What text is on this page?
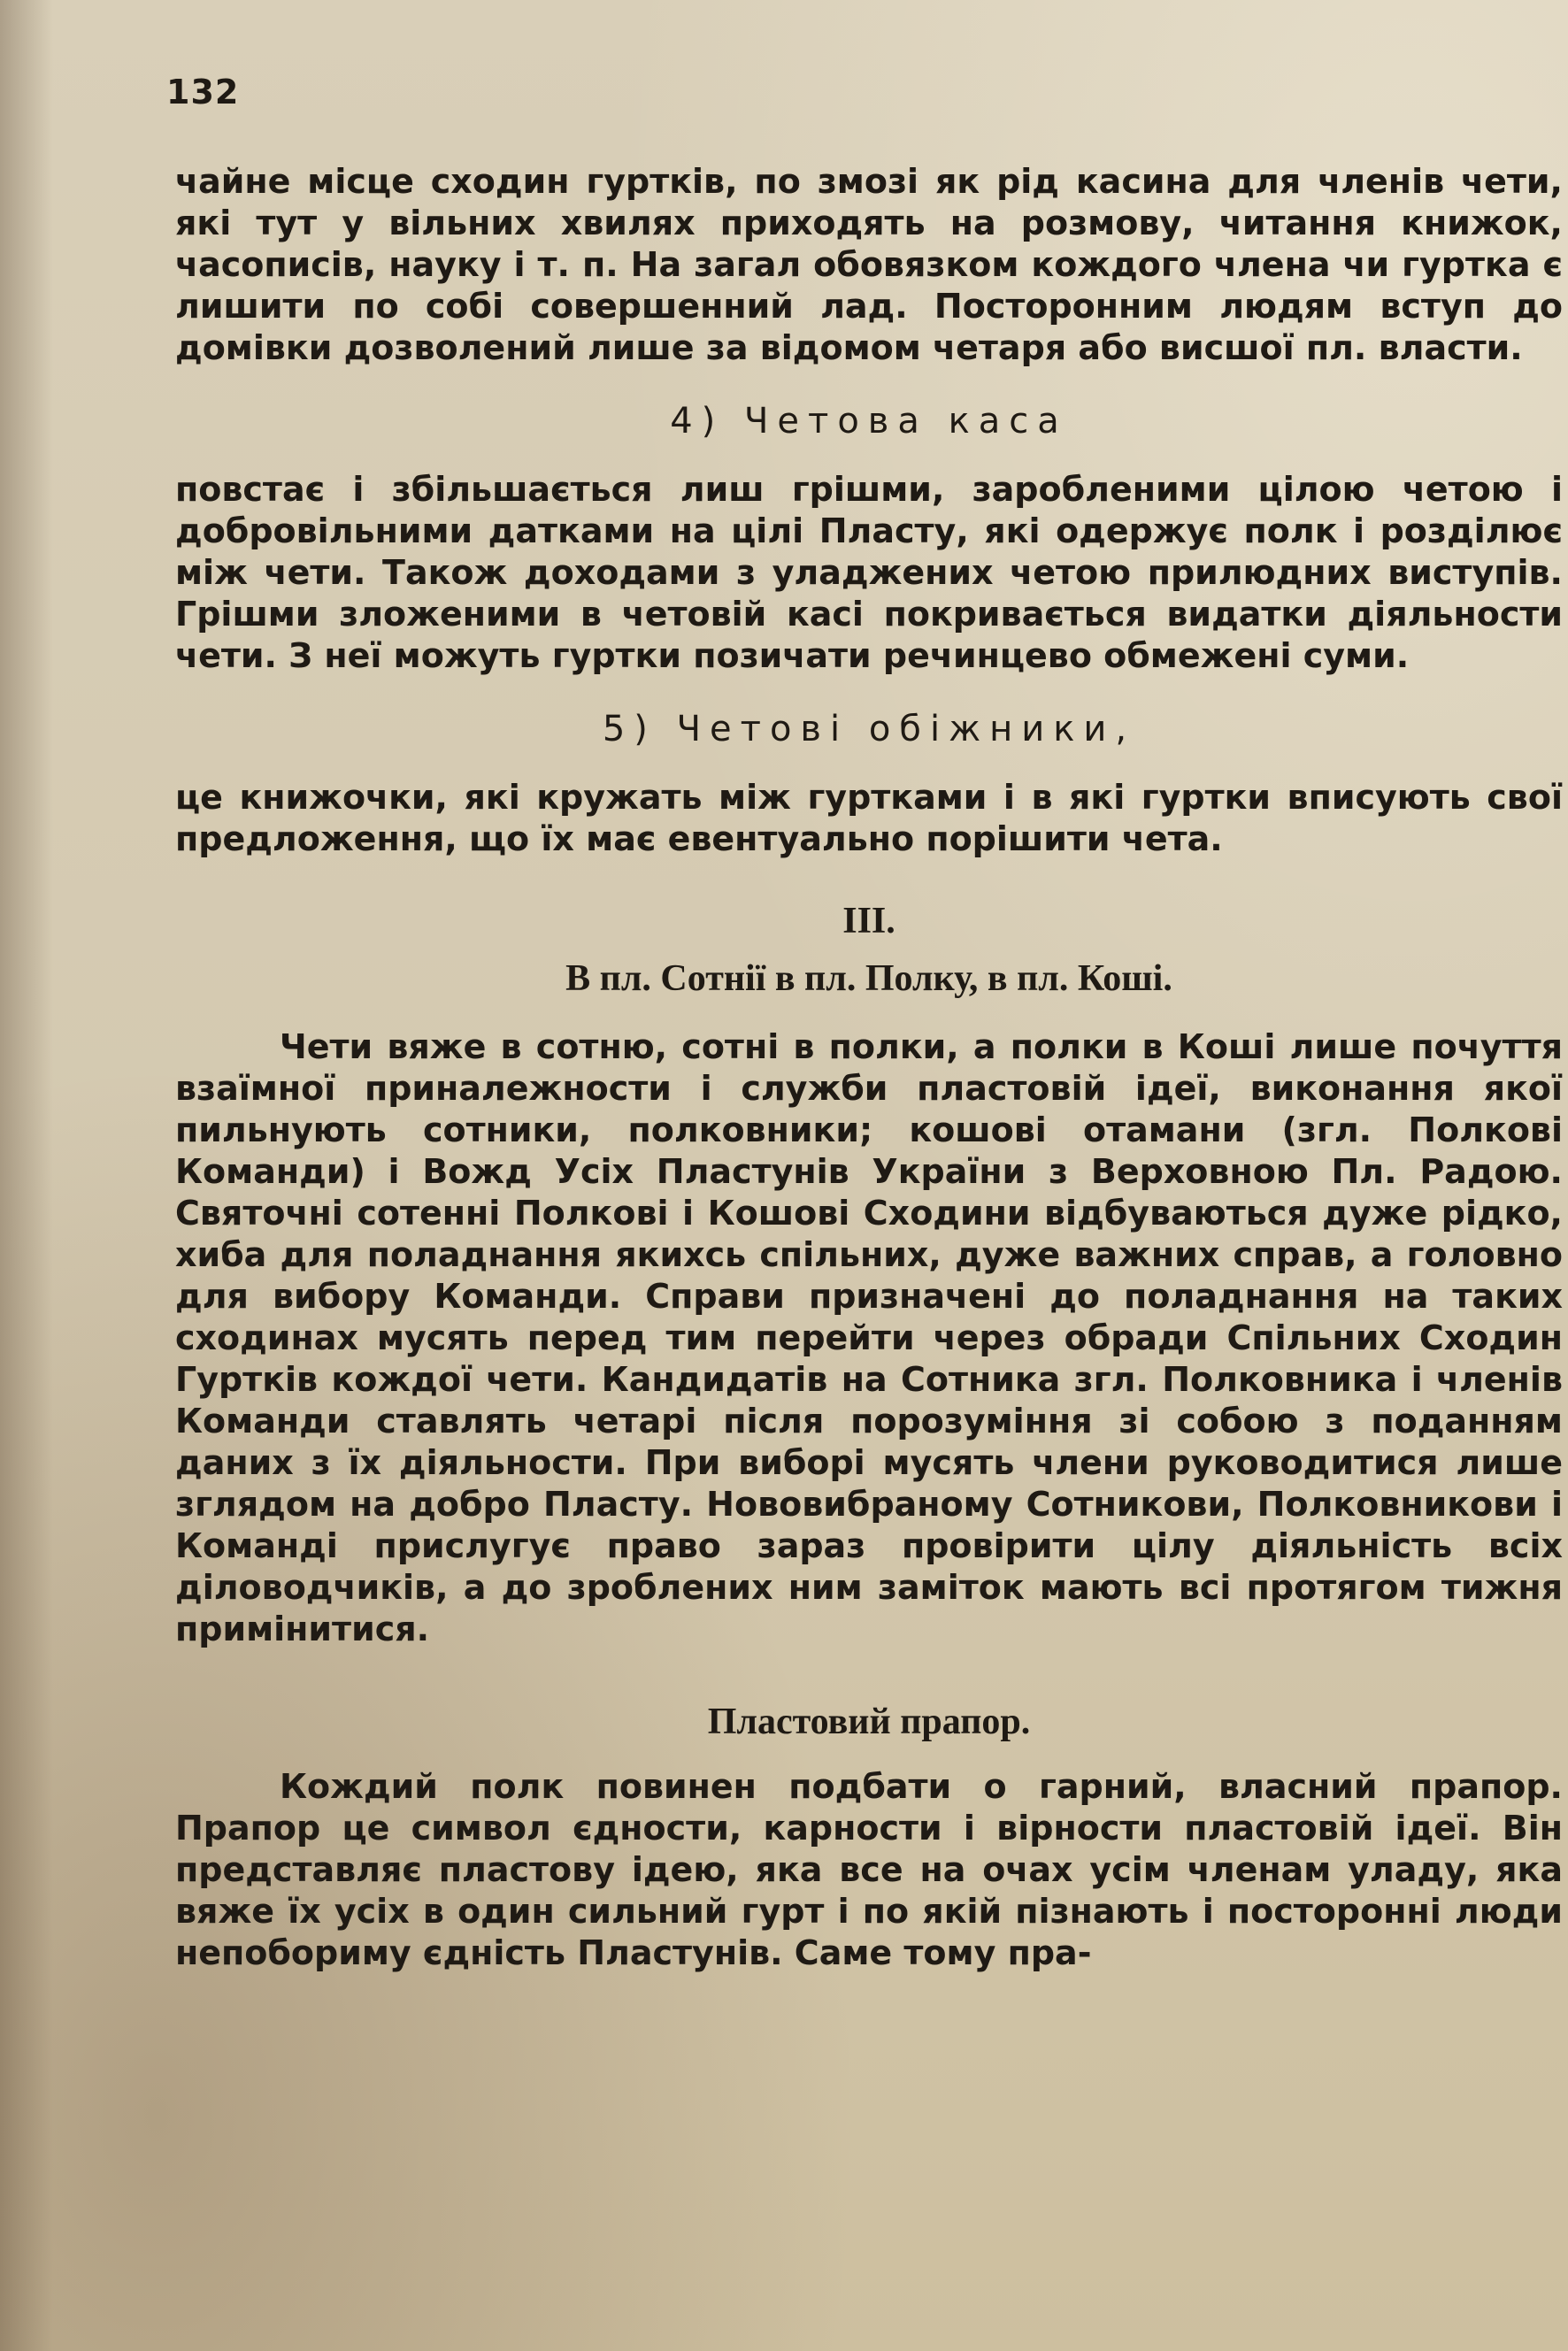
132

чайне місце сходин гуртків, по змозі як рід касина для членів чети, які тут у вільних хвилях приходять на розмову, читання книжок, часописів, науку і т. п. На загал обовязком кождого члена чи гуртка є лишити по собі совершенний лад. Посторонним людям вступ до домівки дозволений лише за відомом четаря або висшої пл. власти.

4) Четова каса

повстає і збільшається лиш грішми, заробленими цілою четою і добровільними датками на цілі Пласту, які одержує полк і розділює між чети. Також доходами з уладжених четою прилюдних виступів. Грішми зложеними в четовій касі покривається видатки діяльности чети. З неї можуть гуртки позичати речинцево обмежені суми.

5) Четові обіжники,

це книжочки, які кружать між гуртками і в які гуртки вписують свої предложення, що їх має евентуально порішити чета.

III.
В пл. Сотнії в пл. Полку, в пл. Коші.

Чети вяже в сотню, сотні в полки, а полки в Коші лише почуття взаїмної приналежности і служби пластовій ідеї, виконання якої пильнують сотники, полковники; кошові отамани (згл. Полкові Команди) і Вожд Усіх Пластунів України з Верховною Пл. Радою. Святочні сотенні Полкові і Кошові Сходини відбуваються дуже рідко, хиба для поладнання якихсь спільних, дуже важних справ, а головно для вибору Команди. Справи призначені до поладнання на таких сходинах мусять перед тим перейти через обради Спільних Сходин Гуртків кождої чети. Кандидатів на Сотника згл. Полковника і членів Команди ставлять четарі після порозуміння зі собою з поданням даних з їх діяльности. При виборі мусять члени руководитися лише зглядом на добро Пласту. Нововибраному Сотникови, Полковникови і Команді прислугує право зараз провірити цілу діяльність всіх діловодчиків, а до зроблених ним заміток мають всі протягом тижня примінитися.

Пластовий прапор.

Кождий полк повинен подбати о гарний, власний прапор. Прапор це символ єдности, карности і вірности пластовій ідеї. Він представляє пластову ідею, яка все на очах усім членам уладу, яка вяже їх усіх в один сильний гурт і по якій пізнають і посторонні люди непоборимy єдність Пластунів. Саме тому пра-
